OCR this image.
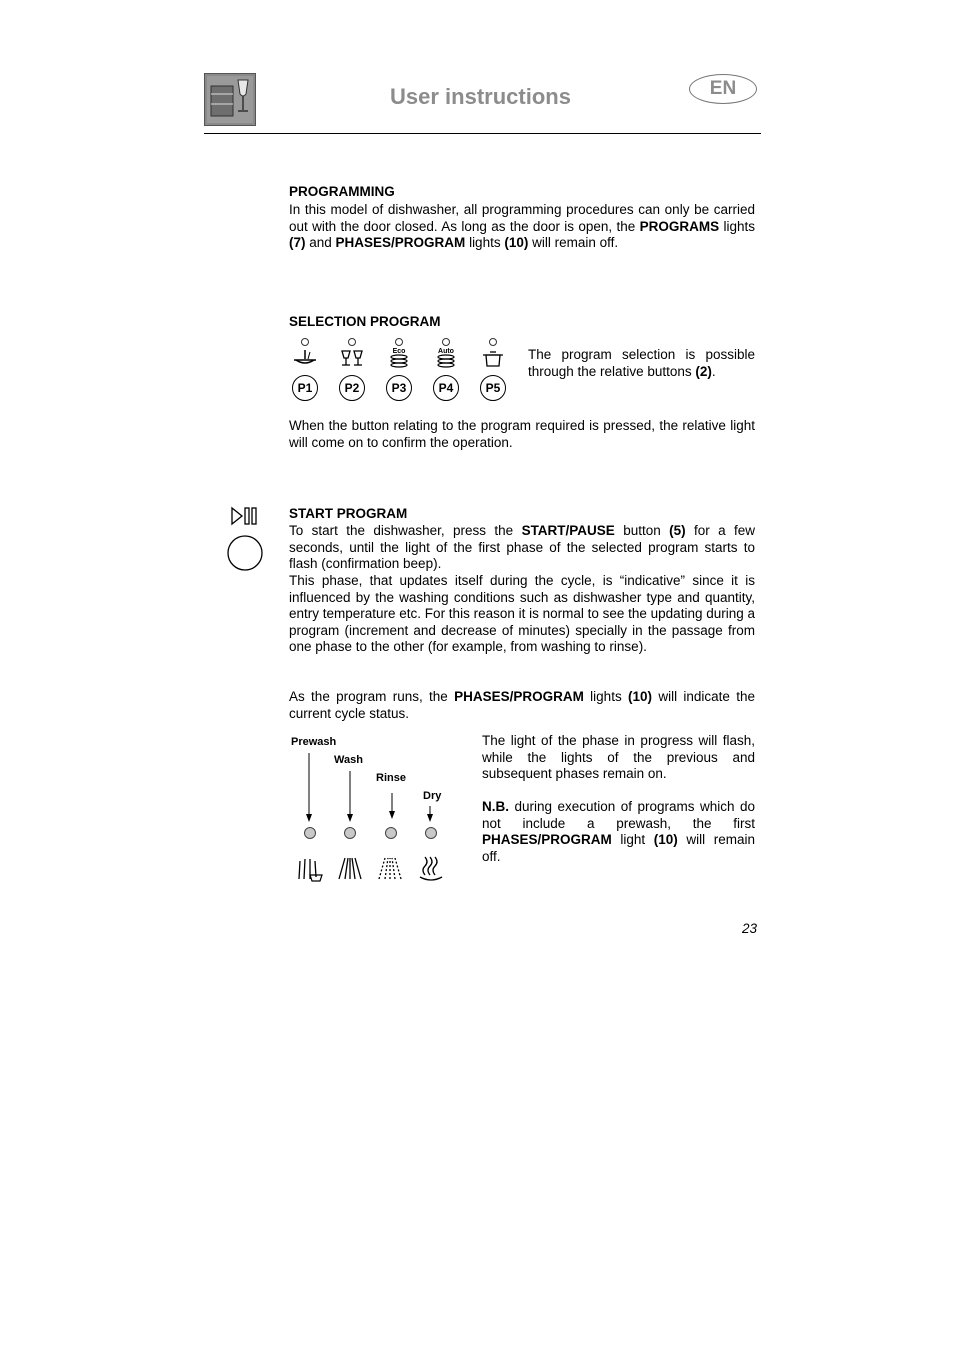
User instructions	EN
PROGRAMMING
In this model of dishwasher, all programming procedures can only be carried out with the door closed. As long as the door is open, the PROGRAMS lights (7) and PHASES/PROGRAM lights (10) will remain off.
SELECTION PROGRAM
P1	P2
Eco
P3
Auto
P4	P5
The program selection is possible through the relative buttons (2).
When the button relating to the program required is pressed, the relative light will come on to confirm the operation.
START PROGRAM
To start the dishwasher, press the START/PAUSE button (5) for a few seconds, until the light of the first phase of the selected program starts to flash (confirmation beep).
This phase, that updates itself during the cycle, is “indicative” since it is influenced by the washing conditions such as dishwasher type and quantity, entry temperature etc. For this reason it is normal to see the updating during a program (increment and decrease of minutes) specially in the passage from one phase to the other (for example, from washing to rinse).
As the program runs, the PHASES/PROGRAM lights (10) will indicate the current cycle status.
Prewash
Wash
Rinse
Dry
The light of the phase in progress will flash, while the lights of the previous and subsequent phases remain on.
N.B. during execution of programs which do not include a prewash, the first PHASES/PROGRAM light (10) will remain off.
23
